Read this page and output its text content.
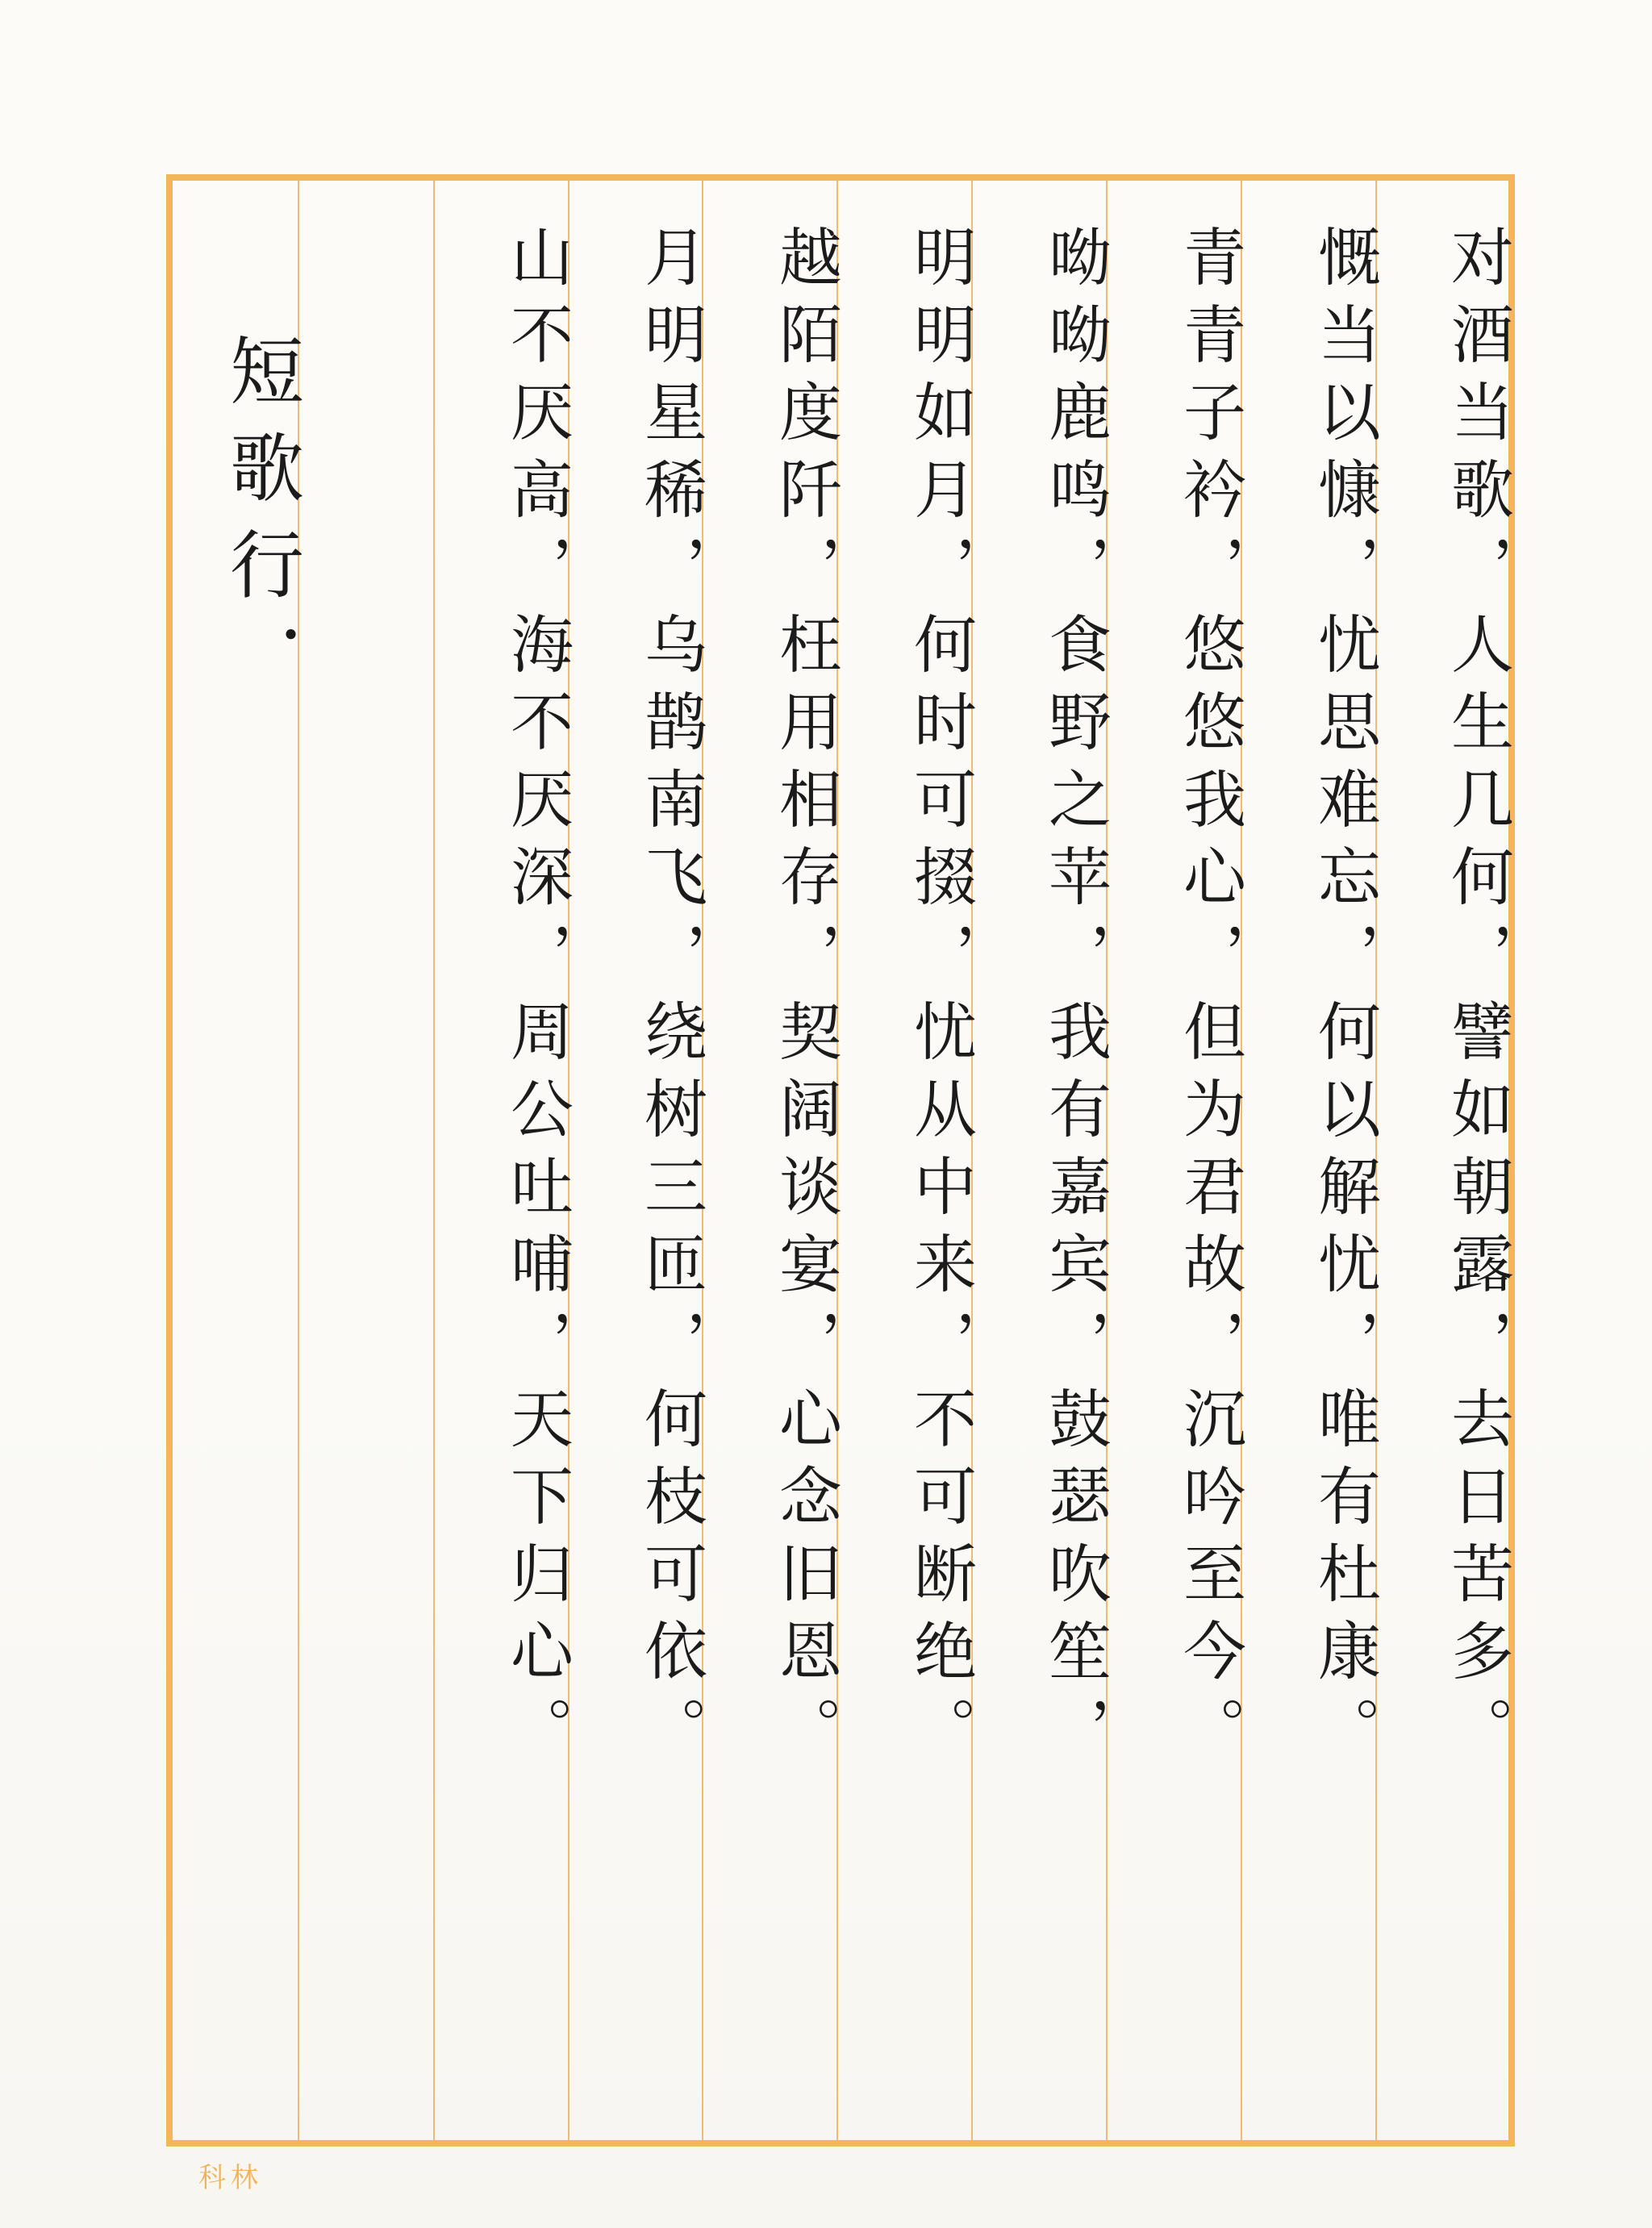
对酒当歌，人生几何，譬如朝露，去日苦多。
慨当以慷，忧思难忘，何以解忧，唯有杜康。
青青子衿，悠悠我心，但为君故，沉吟至今。
呦呦鹿鸣，食野之苹，我有嘉宾，鼓瑟吹笙，
明明如月，何时可掇，忧从中来，不可断绝。
越陌度阡，枉用相存，契阔谈宴，心念旧恩。
月明星稀，乌鹊南飞，绕树三匝，何枝可依。
山不厌高，海不厌深，周公吐哺，天下归心。
短歌行．
科林
